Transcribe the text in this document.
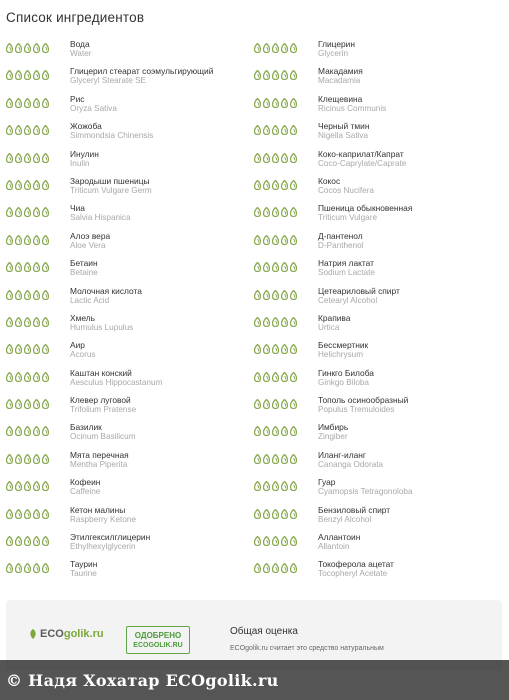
Список ингредиентов
Вода
Water
Глицерил стеарат соэмульгирующий
Glyceryl Stearate SE
Рис
Oryza Sativa
Жожоба
Simmondsia Chinensis
Инулин
Inulin
Зародыши пшеницы
Triticum Vulgare Germ
Чиа
Salvia Hispanica
Алоэ вера
Aloe Vera
Бетаин
Betaine
Молочная кислота
Lactic Acid
Хмель
Humulus Lupulus
Аир
Acorus
Каштан конский
Aesculus Hippocastanum
Клевер луговой
Trifolium Pratense
Базилик
Ocinum Basilicum
Мята перечная
Mentha Piperita
Кофеин
Caffeine
Кетон малины
Raspberry Ketone
Этилгексилглицерин
Ethylhexylglycerin
Таурин
Taurine
Глицерин
Glycerin
Макадамия
Macadamia
Клещевина
Ricinus Communis
Черный тмин
Nigella Sativa
Коко-каприлат/Капрат
Coco-Caprylate/Caprate
Кокос
Cocos Nucifera
Пшеница обыкновенная
Triticum Vulgare
Д-пантенол
D-Panthenol
Натрия лактат
Sodium Lactate
Цетеариловый спирт
Cetearyl Alcohol
Крапива
Urtica
Бессмертник
Helichrysum
Гинкго Билоба
Ginkgo Biloba
Тополь осинообразный
Populus Tremuloides
Имбирь
Zingiber
Иланг-иланг
Cananga Odorata
Гуар
Cyamopsis Tetragonoloba
Бензиловый спирт
Benzyl Alcohol
Аллантоин
Allantoin
Токоферола ацетат
Tocopheryl Acetate
ECOgolik.ru	ОДОБРЕНО
ECOGOLIK.RU
Общая оценка
ECOgolik.ru считает это средство натуральным
© Надя Хохатар ECOgolik.ru
